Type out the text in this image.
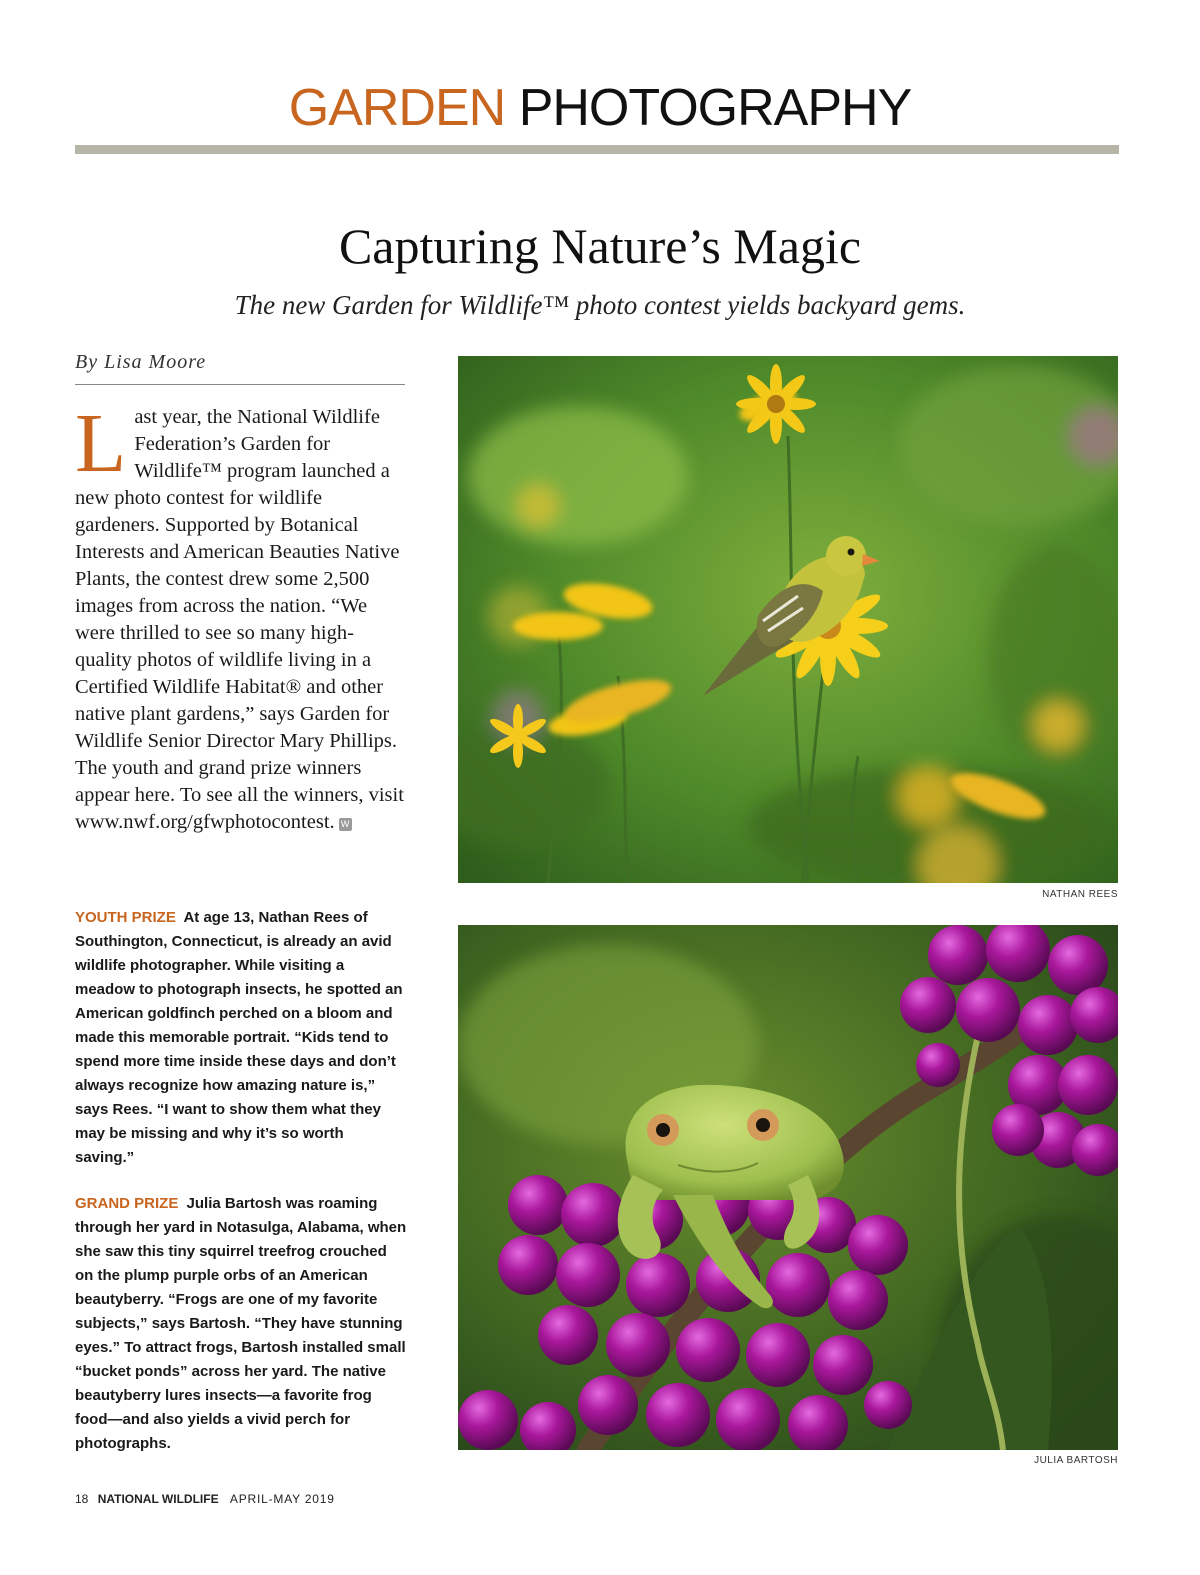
GARDEN PHOTOGRAPHY
Capturing Nature’s Magic
The new Garden for Wildlife™ photo contest yields backyard gems.
By Lisa Moore
Last year, the National Wildlife Federation’s Garden for Wildlife™ program launched a new photo contest for wildlife gardeners. Supported by Botanical Interests and American Beauties Native Plants, the contest drew some 2,500 images from across the nation. “We were thrilled to see so many high-quality photos of wildlife living in a Certified Wildlife Habitat® and other native plant gardens,” says Garden for Wildlife Senior Director Mary Phillips. The youth and grand prize winners appear here. To see all the winners, visit www.nwf.org/gfwphotocontest. W
YOUTH PRIZE At age 13, Nathan Rees of Southington, Connecticut, is already an avid wildlife photographer. While visiting a meadow to photograph insects, he spotted an American goldfinch perched on a bloom and made this memorable portrait. “Kids tend to spend more time inside these days and don’t always recognize how amazing nature is,” says Rees. “I want to show them what they may be missing and why it’s so worth saving.”
GRAND PRIZE Julia Bartosh was roaming through her yard in Notasulga, Alabama, when she saw this tiny squirrel treefrog crouched on the plump purple orbs of an American beautyberry. “Frogs are one of my favorite subjects,” says Bartosh. “They have stunning eyes.” To attract frogs, Bartosh installed small “bucket ponds” across her yard. The native beautyberry lures insects—a favorite frog food—and also yields a vivid perch for photographs.
NATHAN REES
JULIA BARTOSH
18 NATIONAL WILDLIFE APRIL-MAY 2019
